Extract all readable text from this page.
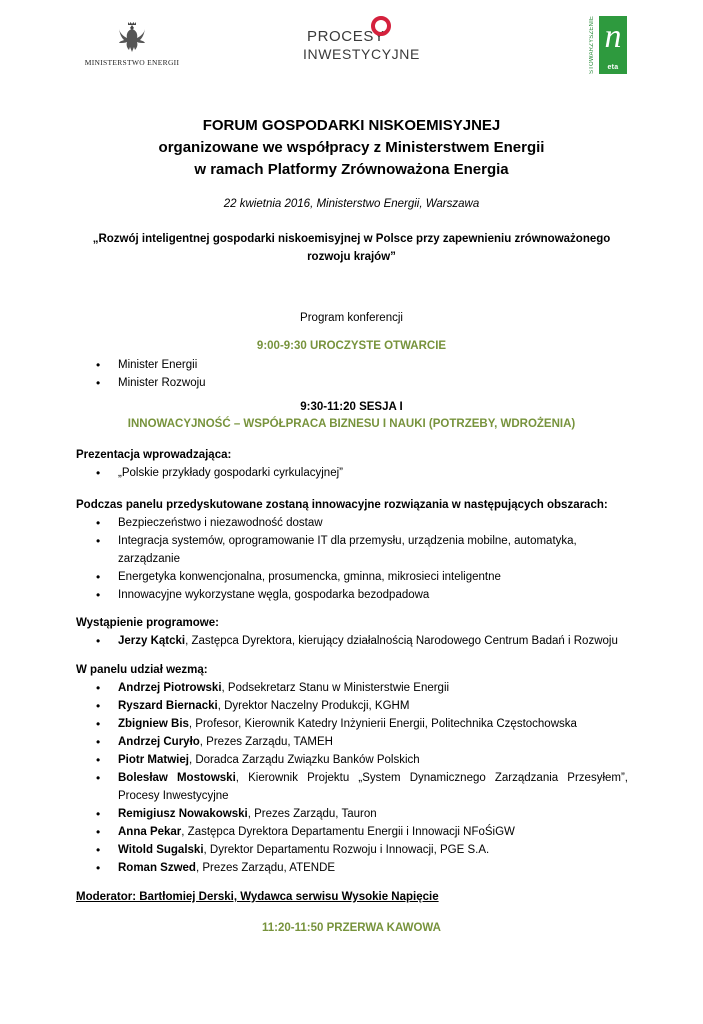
MINISTERSTWO ENERGII
PROCESY
INWESTYCYJNE	STOWARZYSZENIE n
eta
FORUM GOSPODARKI NISKOEMISYJNEJ
organizowane we współpracy z Ministerstwem Energii
w ramach Platformy Zrównoważona Energia
22 kwietnia 2016, Ministerstwo Energii, Warszawa
„Rozwój inteligentnej gospodarki niskoemisyjnej w Polsce przy zapewnieniu zrównoważonego
rozwoju krajów”
Program konferencji
9:00-9:30 UROCZYSTE OTWARCIE
• Minister Energii
• Minister Rozwoju
9:30-11:20 SESJA I
INNOWACYJNOŚĆ – WSPÓŁPRACA BIZNESU I NAUKI (POTRZEBY, WDROŻENIA)
Prezentacja wprowadzająca:
• „Polskie przykłady gospodarki cyrkulacyjnej”
Podczas panelu przedyskutowane zostaną innowacyjne rozwiązania w następujących obszarach:
• Bezpieczeństwo i niezawodność dostaw
• Integracja systemów, oprogramowanie IT dla przemysłu, urządzenia mobilne, automatyka,
zarządzanie
• Energetyka konwencjonalna, prosumencka, gminna, mikrosieci inteligentne
• Innowacyjne wykorzystane węgla, gospodarka bezodpadowa
Wystąpienie programowe:
• Jerzy Kątcki, Zastępca Dyrektora, kierujący działalnością Narodowego Centrum Badań i Rozwoju
W panelu udział wezmą:
• Andrzej Piotrowski, Podsekretarz Stanu w Ministerstwie Energii
• Ryszard Biernacki, Dyrektor Naczelny Produkcji, KGHM
• Zbigniew Bis, Profesor, Kierownik Katedry Inżynierii Energii, Politechnika Częstochowska
• Andrzej Curyło, Prezes Zarządu, TAMEH
• Piotr Matwiej, Doradca Zarządu Związku Banków Polskich
• Bolesław Mostowski, Kierownik Projektu „System Dynamicznego Zarządzania Przesyłem”,
Procesy Inwestycyjne
• Remigiusz Nowakowski, Prezes Zarządu, Tauron
• Anna Pekar, Zastępca Dyrektora Departamentu Energii i Innowacji NFoŚiGW
• Witold Sugalski, Dyrektor Departamentu Rozwoju i Innowacji, PGE S.A.
• Roman Szwed, Prezes Zarządu, ATENDE
Moderator: Bartłomiej Derski, Wydawca serwisu Wysokie Napięcie
11:20-11:50 PRZERWA KAWOWA
